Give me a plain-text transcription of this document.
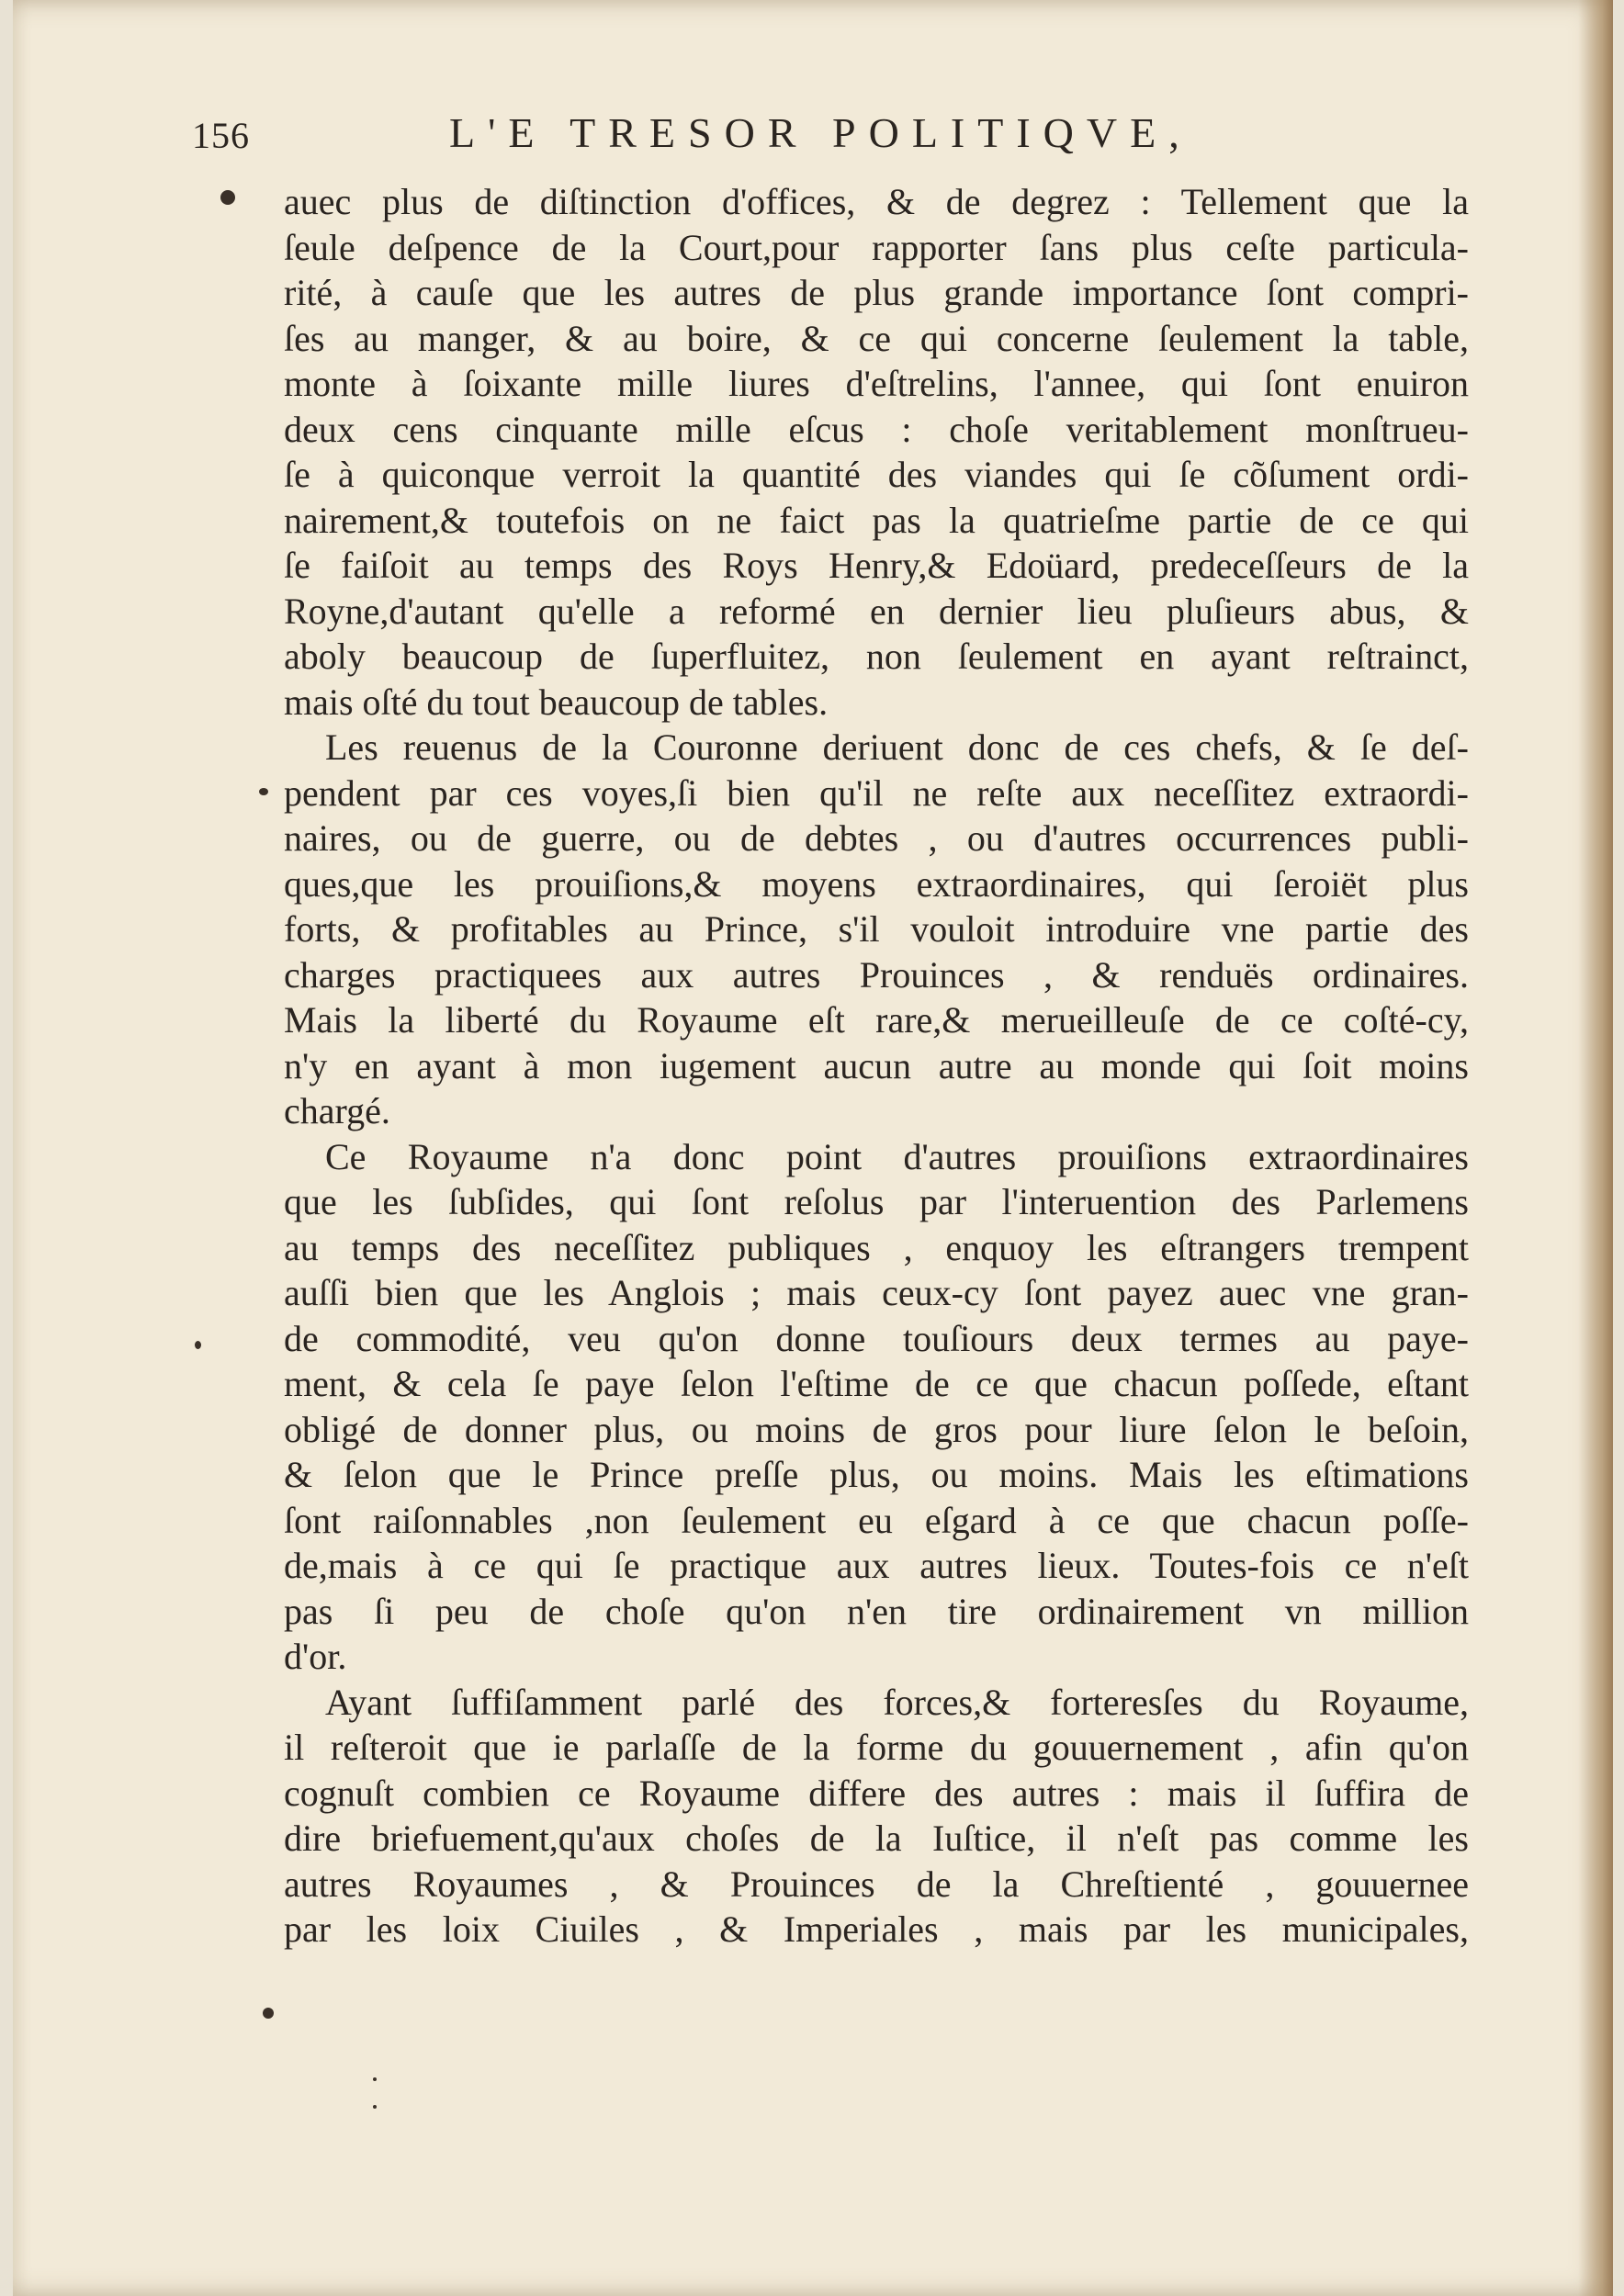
156	L'E TRESOR POLITIQVE,
auec plus de diſtinction d'offices, & de degrez : Tellement que la
ſeule deſpence de la Court,pour rapporter ſans plus ceſte particula-
rité, à cauſe que les autres de plus grande importance ſont compri-
ſes au manger, & au boire, & ce qui concerne ſeulement la table,
monte à ſoixante mille liures d'eſtrelins, l'annee, qui ſont enuiron
deux cens cinquante mille eſcus : choſe veritablement monſtrueu-
ſe à quiconque verroit la quantité des viandes qui ſe cõſument ordi-
nairement,& toutefois on ne faict pas la quatrieſme partie de ce qui
ſe faiſoit au temps des Roys Henry,& Edoüard, predeceſſeurs de la
Royne,d'autant qu'elle a reformé en dernier lieu pluſieurs abus, &
aboly beaucoup de ſuperfluitez, non ſeulement en ayant reſtrainct,
mais oſté du tout beaucoup de tables.
Les reuenus de la Couronne deriuent donc de ces chefs, & ſe deſ-
pendent par ces voyes,ſi bien qu'il ne reſte aux neceſſitez extraordi-
naires, ou de guerre, ou de debtes , ou d'autres occurrences publi-
ques,que les prouiſions,& moyens extraordinaires, qui ſeroiët plus
forts, & profitables au Prince, s'il vouloit introduire vne partie des
charges practiquees aux autres Prouinces , & renduës ordinaires.
Mais la liberté du Royaume eſt rare,& merueilleuſe de ce coſté-cy,
n'y en ayant à mon iugement aucun autre au monde qui ſoit moins
chargé.
Ce Royaume n'a donc point d'autres prouiſions extraordinaires
que les ſubſides, qui ſont reſolus par l'interuention des Parlemens
au temps des neceſſitez publiques , enquoy les eſtrangers trempent
auſſi bien que les Anglois ; mais ceux-cy ſont payez auec vne gran-
de commodité, veu qu'on donne touſiours deux termes au paye-
ment, & cela ſe paye ſelon l'eſtime de ce que chacun poſſede, eſtant
obligé de donner plus, ou moins de gros pour liure ſelon le beſoin,
& ſelon que le Prince preſſe plus, ou moins. Mais les eſtimations
ſont raiſonnables ,non ſeulement eu eſgard à ce que chacun poſſe-
de,mais à ce qui ſe practique aux autres lieux. Toutes-fois ce n'eſt
pas ſi peu de choſe qu'on n'en tire ordinairement vn million
d'or.
Ayant ſuffiſamment parlé des forces,& forteresſes du Royaume,
il reſteroit que ie parlaſſe de la forme du gouuernement , afin qu'on
cognuſt combien ce Royaume differe des autres : mais il ſuffira de
dire briefuement,qu'aux choſes de la Iuſtice, il n'eſt pas comme les
autres Royaumes , & Prouinces de la Chreſtienté , gouuernee
par les loix Ciuiles , & Imperiales , mais par les municipales,
